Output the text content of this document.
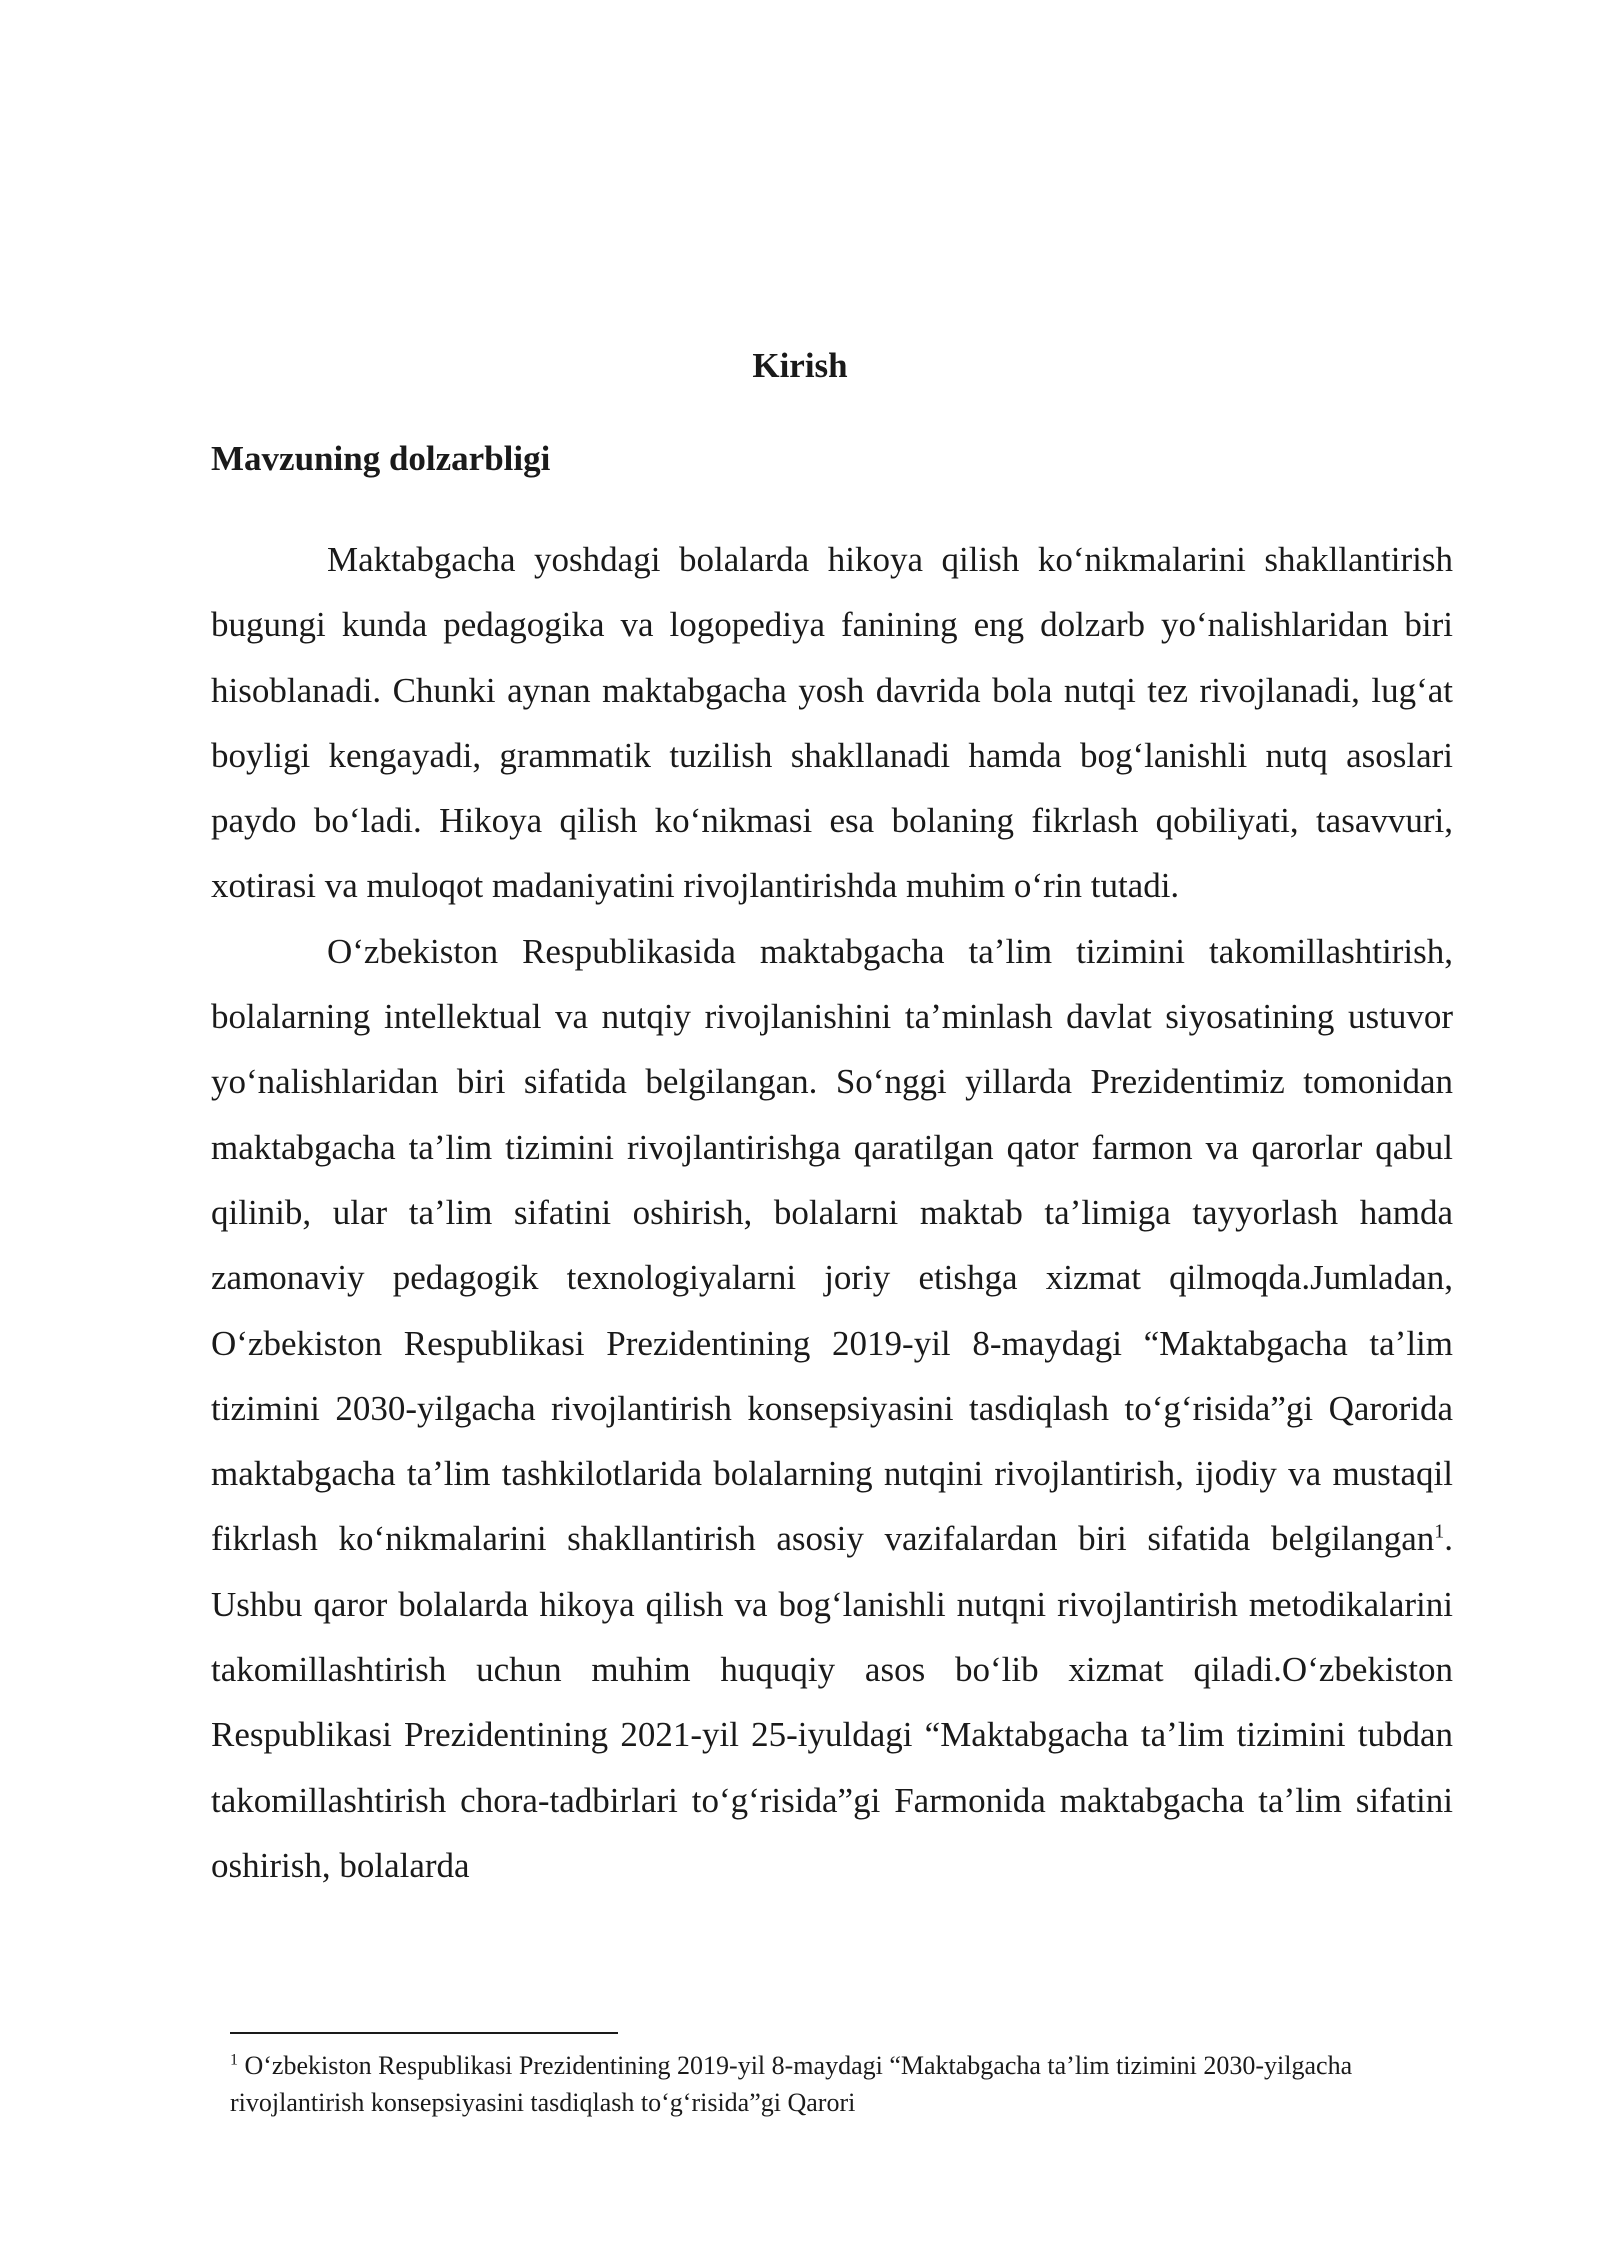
Kirish
Mavzuning dolzarbligi

Maktabgacha yoshdagi bolalarda hikoya qilish koʻnikmalarini shakllantirish bugungi kunda pedagogika va logopediya fanining eng dolzarb yoʻnalishlaridan biri hisoblanadi. Chunki aynan maktabgacha yosh davrida bola nutqi tez rivojlanadi, lugʻat boyligi kengayadi, grammatik tuzilish shakllanadi hamda bogʻlanishli nutq asoslari paydo boʻladi. Hikoya qilish koʻnikmasi esa bolaning fikrlash qobiliyati, tasavvuri, xotirasi va muloqot madaniyatini rivojlantirishda muhim oʻrin tutadi.

Oʻzbekiston Respublikasida maktabgacha taʼlim tizimini takomillashtirish, bolalarning intellektual va nutqiy rivojlanishini taʼminlash davlat siyosatining ustuvor yoʻnalishlaridan biri sifatida belgilangan. Soʻnggi yillarda Prezidentimiz tomonidan maktabgacha taʼlim tizimini rivojlantirishga qaratilgan qator farmon va qarorlar qabul qilinib, ular taʼlim sifatini oshirish, bolalarni maktab taʼlimiga tayyorlash hamda zamonaviy pedagogik texnologiyalarni joriy etishga xizmat qilmoqda.Jumladan, Oʻzbekiston Respublikasi Prezidentining 2019-yil 8-maydagi “Maktabgacha taʼlim tizimini 2030-yilgacha rivojlantirish konsepsiyasini tasdiqlash toʻgʻrisida”gi Qarorida maktabgacha taʼlim tashkilotlarida bolalarning nutqini rivojlantirish, ijodiy va mustaqil fikrlash koʻnikmalarini shakllantirish asosiy vazifalardan biri sifatida belgilangan$^1$. Ushbu qaror bolalarda hikoya qilish va bogʻlanishli nutqni rivojlantirish metodikalarini takomillashtirish uchun muhim huquqiy asos boʻlib xizmat qiladi.Oʻzbekiston Respublikasi Prezidentining 2021-yil 25-iyuldagi “Maktabgacha taʼlim tizimini tubdan takomillashtirish chora-tadbirlari toʻgʻrisida”gi Farmonida maktabgacha taʼlim sifatini oshirish, bolalarda

$^1$ Oʻzbekiston Respublikasi Prezidentining 2019-yil 8-maydagi “Maktabgacha taʼlim tizimini 2030-yilgacha rivojlantirish konsepsiyasini tasdiqlash toʻgʻrisida”gi Qarori
